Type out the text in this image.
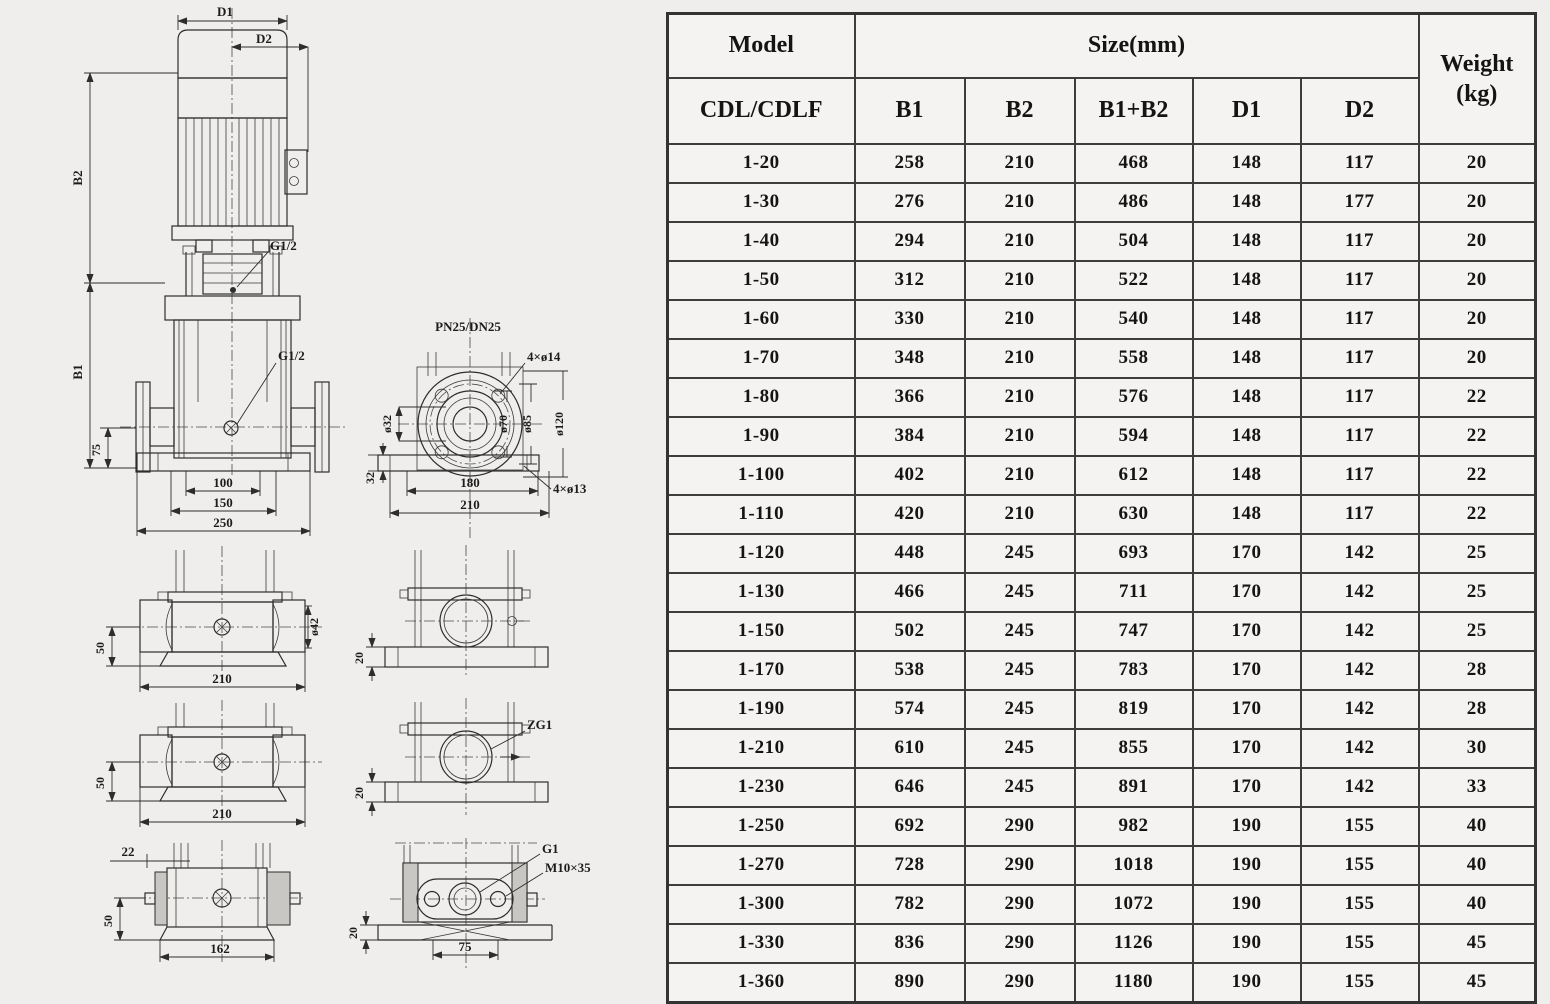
D1
D2
B2
B1
G1/2
G1/2
75
100
150
250
PN25/DN25
4×ø14
ø32	ø70 ø85 ø120
32	180
210
4×ø13
50
ø42
210
50
210
22
50
162
20
ZG1
20
G1
M10×35
75
20
Model	Size(mm)					Weight
(kg)

CDL/CDLF	B1	B2	B1+B2	D1	D2	
1-20	258	210	468	148	117	20
1-30	276	210	486	148	177	20
1-40	294	210	504	148	117	20
1-50	312	210	522	148	117	20
1-60	330	210	540	148	117	20
1-70	348	210	558	148	117	20
1-80	366	210	576	148	117	22
1-90	384	210	594	148	117	22
1-100	402	210	612	148	117	22
1-110	420	210	630	148	117	22
1-120	448	245	693	170	142	25
1-130	466	245	711	170	142	25
1-150	502	245	747	170	142	25
1-170	538	245	783	170	142	28
1-190	574	245	819	170	142	28
1-210	610	245	855	170	142	30
1-230	646	245	891	170	142	33
1-250	692	290	982	190	155	40
1-270	728	290	1018	190	155	40
1-300	782	290	1072	190	155	40
1-330	836	290	1126	190	155	45
1-360	890	290	1180	190	155	45
